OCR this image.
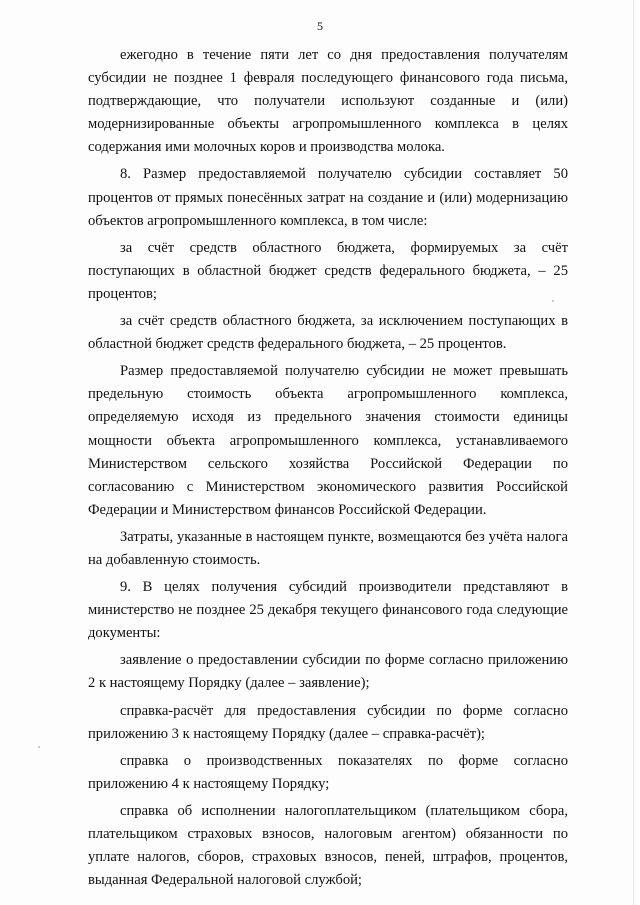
5

ежегодно в течение пяти лет со дня предоставления получателям субсидии не позднее 1 февраля последующего финансового года письма, подтверждающие, что получатели используют созданные и (или) модернизированные объекты агропромышленного комплекса в целях содержания ими молочных коров и производства молока.

8. Размер предоставляемой получателю субсидии составляет 50 процентов от прямых понесённых затрат на создание и (или) модернизацию объектов агропромышленного комплекса, в том числе:

за счёт средств областного бюджета, формируемых за счёт поступающих в областной бюджет средств федерального бюджета, – 25 процентов;

за счёт средств областного бюджета, за исключением поступающих в областной бюджет средств федерального бюджета, – 25 процентов.

Размер предоставляемой получателю субсидии не может превышать предельную стоимость объекта агропромышленного комплекса, определяемую исходя из предельного значения стоимости единицы мощности объекта агропромышленного комплекса, устанавливаемого Министерством сельского хозяйства Российской Федерации по согласованию с Министерством экономического развития Российской Федерации и Министерством финансов Российской Федерации.

Затраты, указанные в настоящем пункте, возмещаются без учёта налога на добавленную стоимость.

9. В целях получения субсидий производители представляют в министерство не позднее 25 декабря текущего финансового года следующие документы:

заявление о предоставлении субсидии по форме согласно приложению 2 к настоящему Порядку (далее – заявление);

справка-расчёт для предоставления субсидии по форме согласно приложению 3 к настоящему Порядку (далее – справка-расчёт);

справка о производственных показателях по форме согласно приложению 4 к настоящему Порядку;

справка об исполнении налогоплательщиком (плательщиком сбора, плательщиком страховых взносов, налоговым агентом) обязанности по уплате налогов, сборов, страховых взносов, пеней, штрафов, процентов, выданная Федеральной налоговой службой;
